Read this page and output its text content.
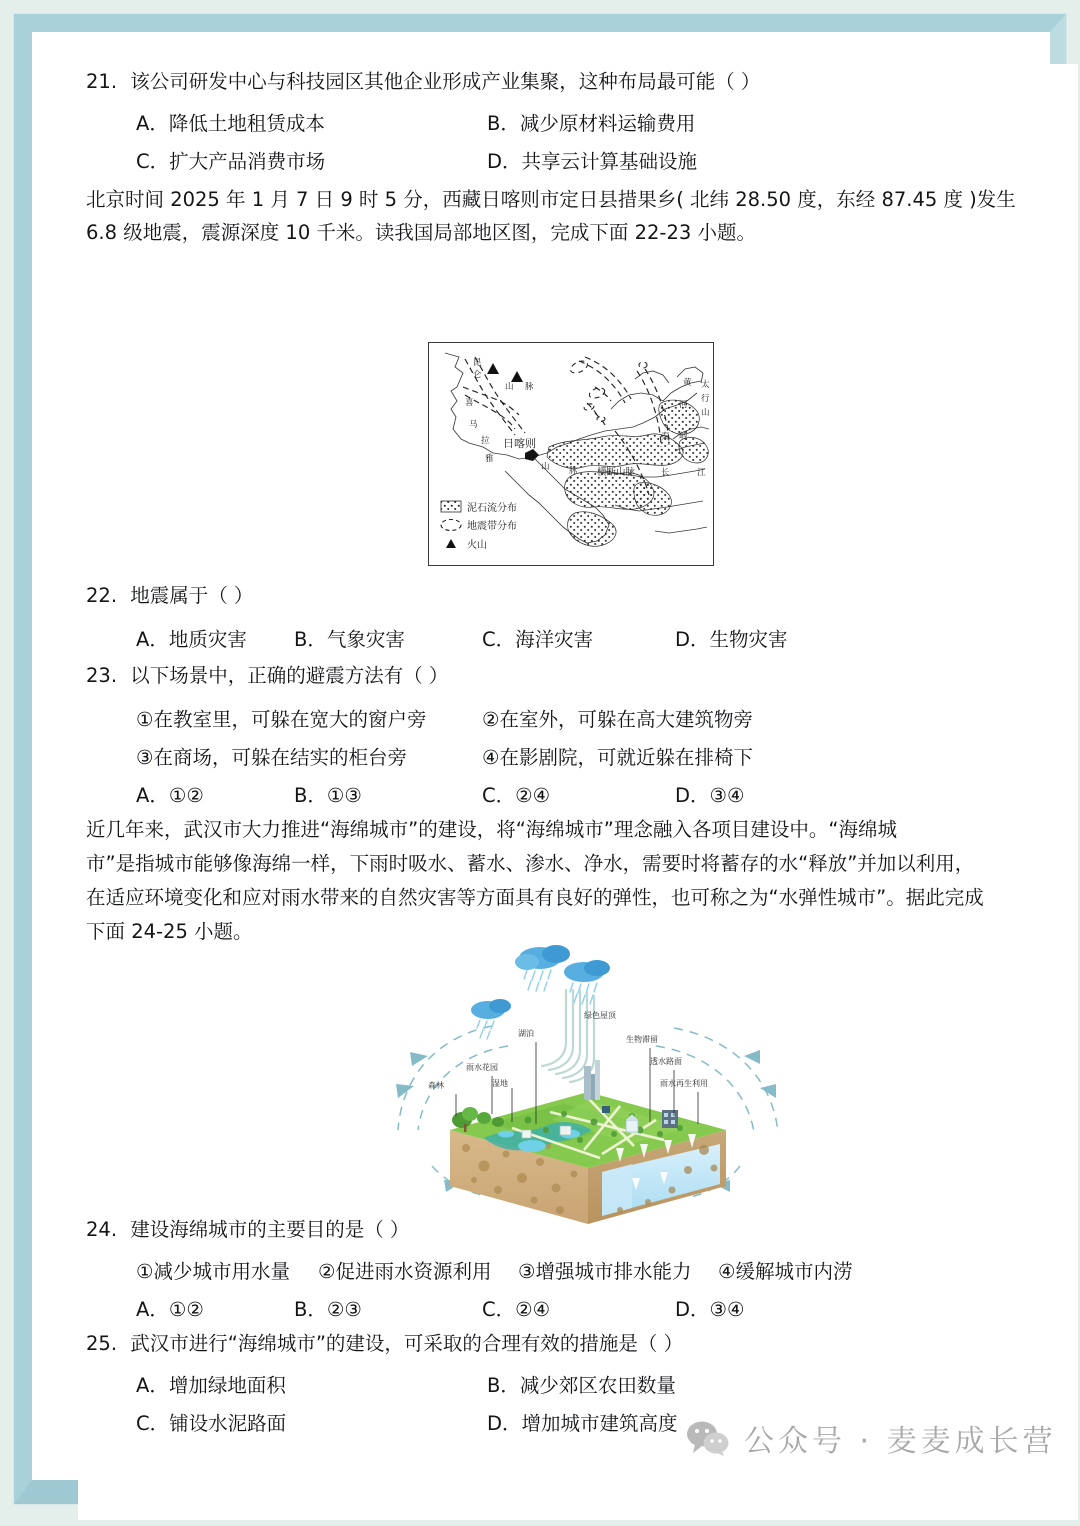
21. 该公司研发中心与科技园区其他企业形成产业集聚，这种布局最可能（ ）
A．降低土地租赁成本	B．减少原材料运输费用
C．扩大产品消费市场	D．共享云计算基础设施
北京时间 2025 年 1 月 7 日 9 时 5 分，西藏日喀则市定日县措果乡( 北纬 28.50 度，东经 87.45 度 )发生
6.8 级地震，震源深度 10 千米。读我国局部地区图，完成下面 22-23 小题。
昆
仑
山 脉
喜
马
拉
雅
山 脉
日喀则
横断山脉
秦 岭
黄
河
太
行
山
长	江
泥石流分布
地震带分布
火山
22. 地震属于（ ）
A．地质灾害 B．气象灾害	C．海洋灾害	D．生物灾害
23. 以下场景中，正确的避震方法有（ ）
①在教室里，可躲在宽大的窗户旁	②在室外，可躲在高大建筑物旁
③在商场，可躲在结实的柜台旁	④在影剧院，可就近躲在排椅下
A．①②	B．①③	C．②④	D．③④
近几年来，武汉市大力推进“海绵城市”的建设，将“海绵城市”理念融入各项目建设中。“海绵城
市”是指城市能够像海绵一样，下雨时吸水、蓄水、渗水、净水，需要时将蓄存的水“释放”并加以利用，
在适应环境变化和应对雨水带来的自然灾害等方面具有良好的弹性，也可称之为“水弹性城市”。据此完成
下面 24-25 小题。
绿色屋顶
湖泊
生物滞留
透水路面
雨水再生利用
雨水花园
森林	湿地
24. 建设海绵城市的主要目的是（ ）
①减少城市用水量 ②促进雨水资源利用 ③增强城市排水能力 ④缓解城市内涝
A．①②	B．②③	C．②④	D．③④
25. 武汉市进行“海绵城市”的建设，可采取的合理有效的措施是（ ）
A．增加绿地面积	B．减少郊区农田数量
C．铺设水泥路面	D．增加城市建筑高度
公众号 · 麦麦成长营
